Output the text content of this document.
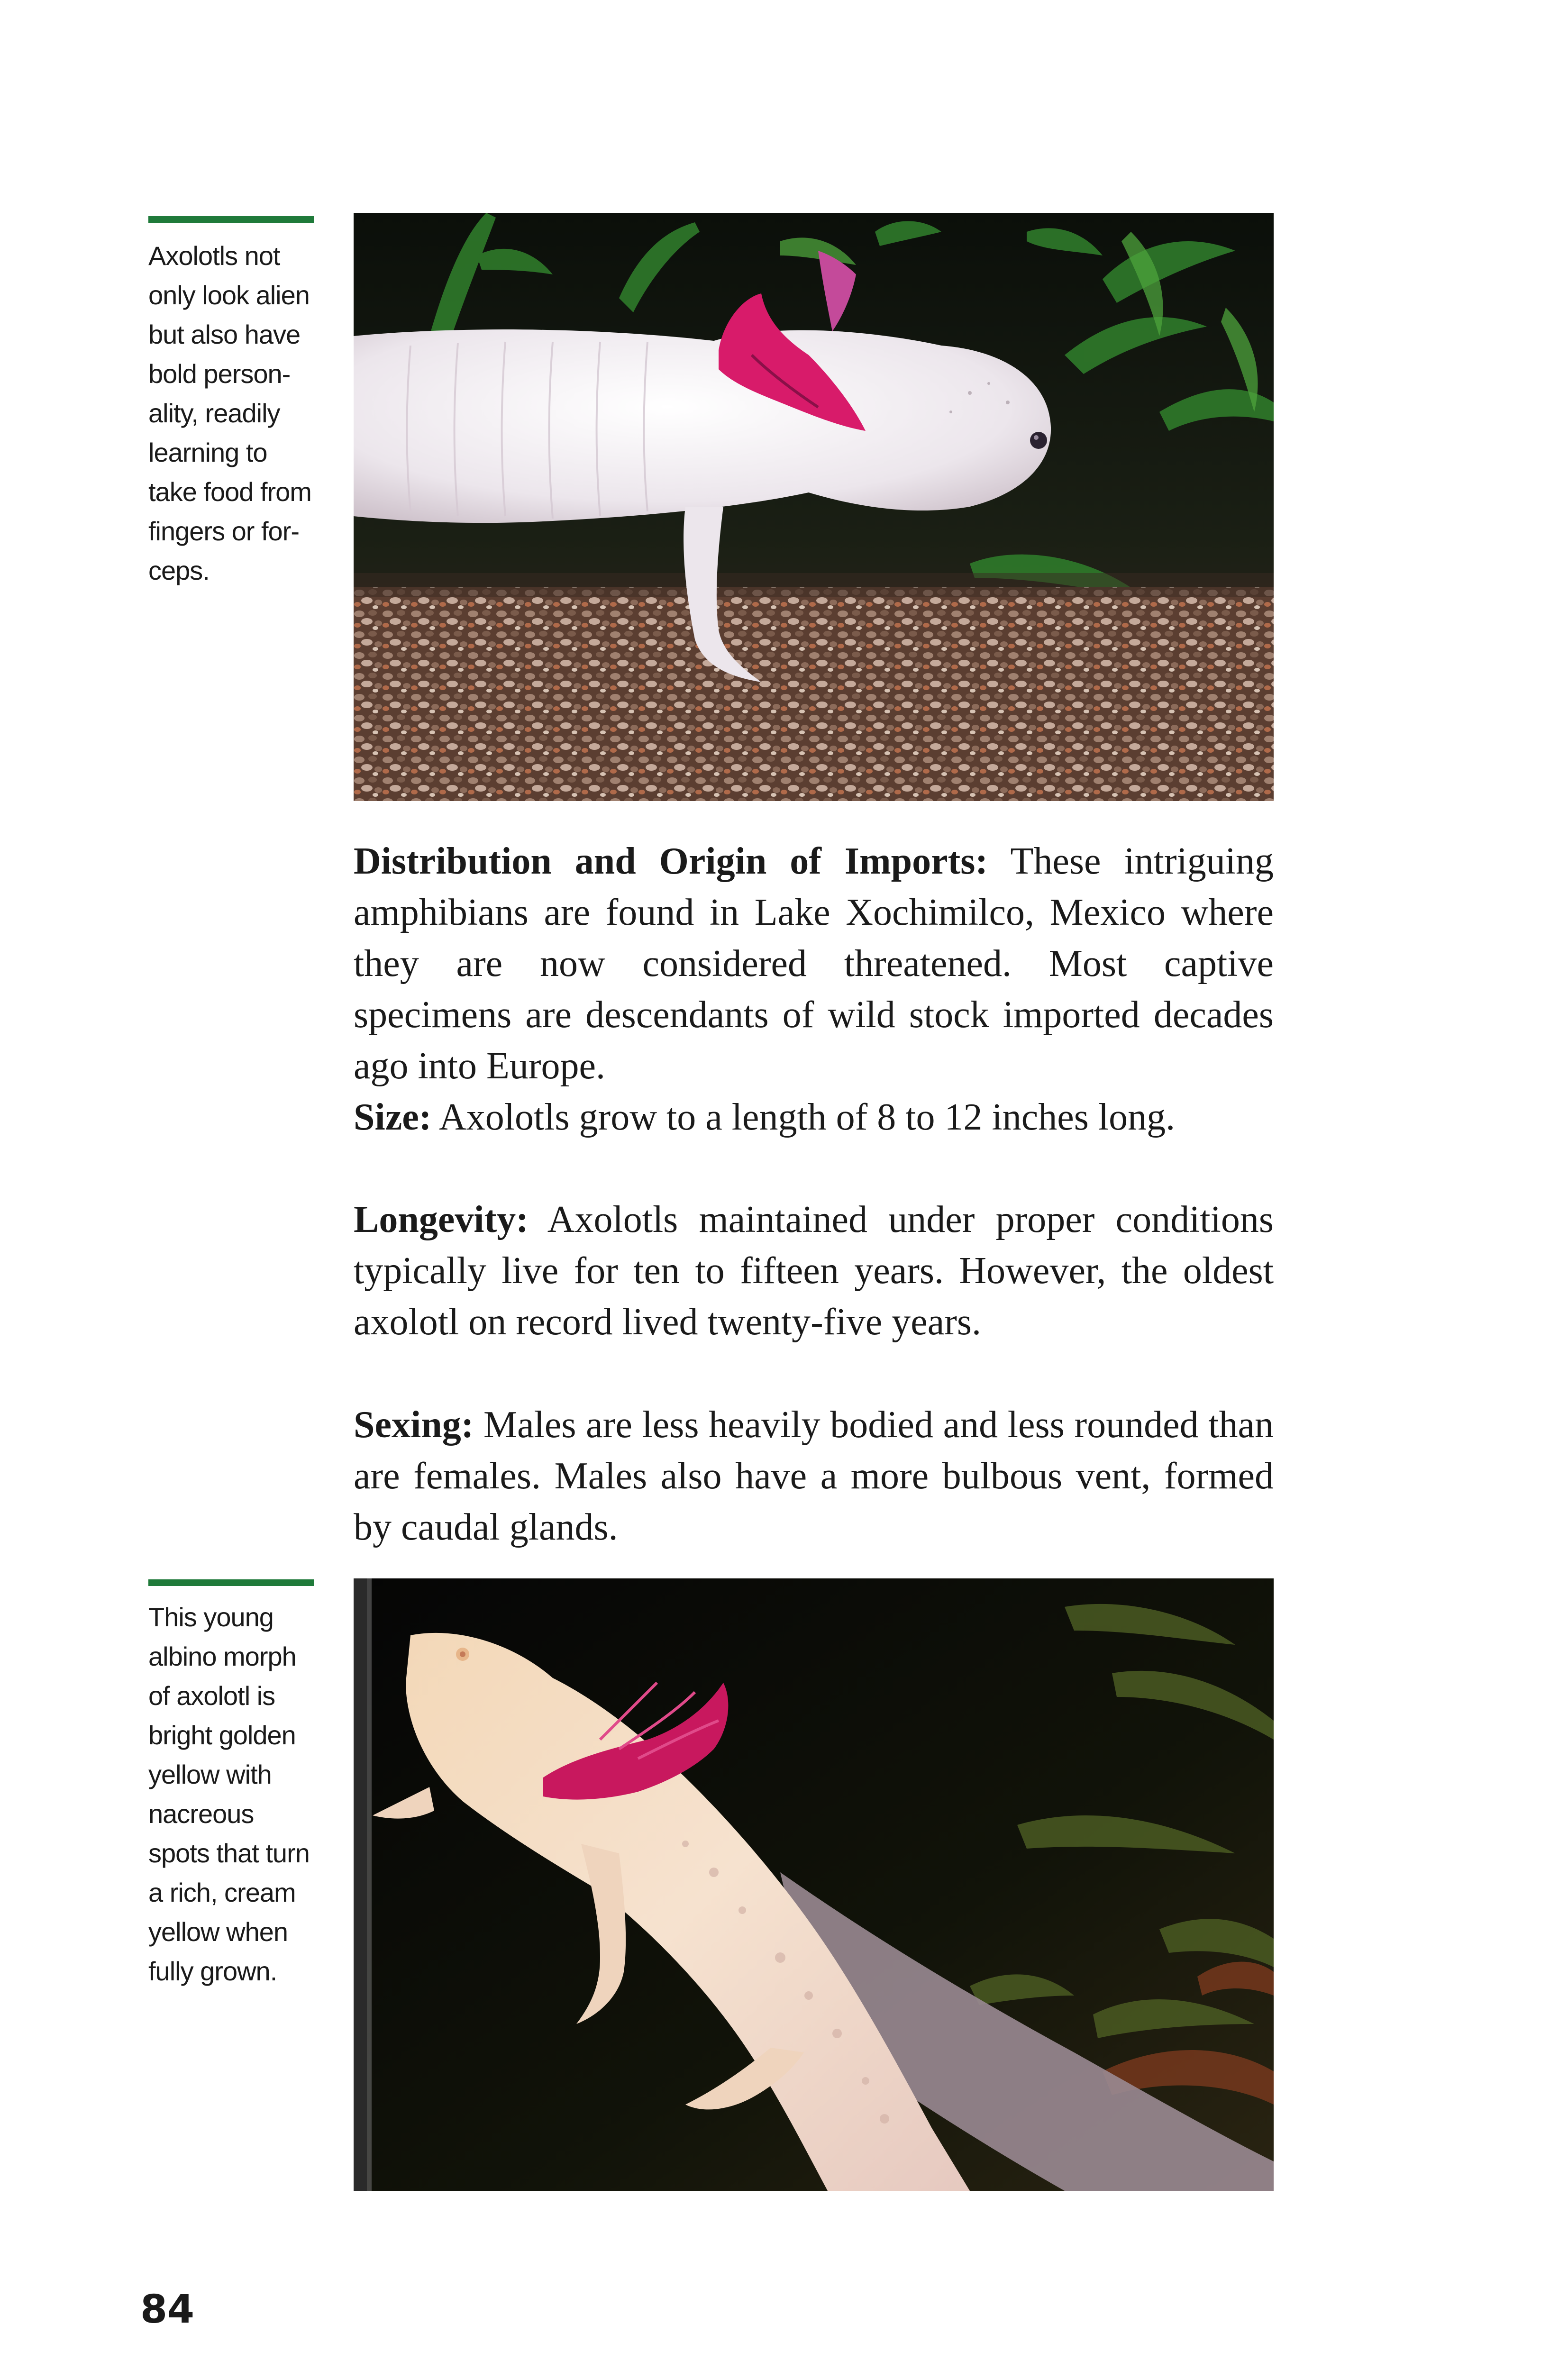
Axolotls not
only look alien
but also have
bold person-
ality, readily
learning to
take food from
fingers or for-
ceps.
Distribution and Origin of Imports: These intriguing amphibians are found in Lake Xochimilco, Mexico where they are now considered threatened. Most captive specimens are descendants of wild stock imported decades ago into Europe.
Size: Axolotls grow to a length of 8 to 12 inches long.
Longevity: Axolotls maintained under proper conditions typically live for ten to fifteen years. However, the oldest axolotl on record lived twenty-five years.
Sexing: Males are less heavily bodied and less rounded than are females. Males also have a more bulbous vent, formed by caudal glands.
This young
albino morph
of axolotl is
bright golden
yellow with
nacreous
spots that turn
a rich, cream
yellow when
fully grown.
84
